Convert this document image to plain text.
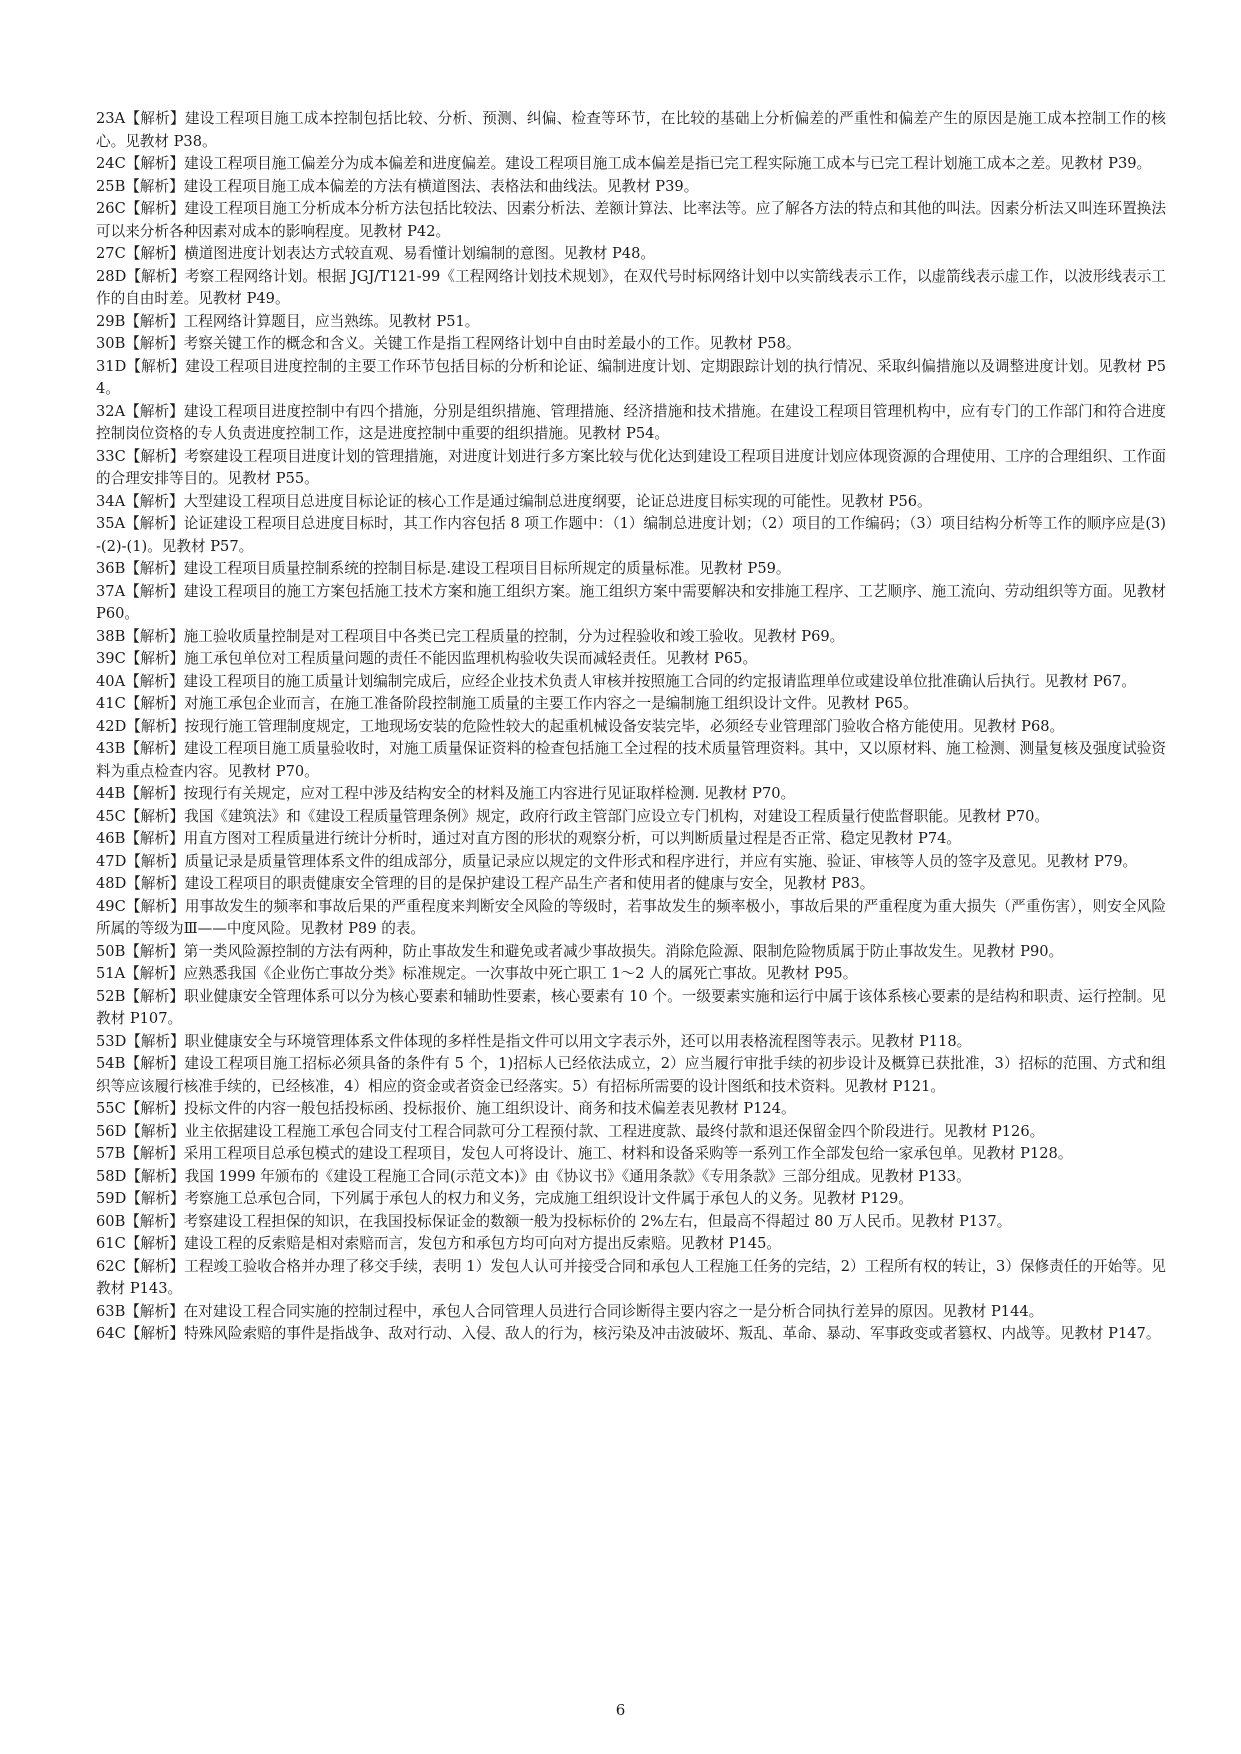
23A【解析】建设工程项目施工成本控制包括比较、分析、预测、纠偏、检查等环节，在比较的基础上分析偏差的严重性和偏差产生的原因是施工成本控制工作的核心。见教材 P38。

24C【解析】建设工程项目施工偏差分为成本偏差和进度偏差。建设工程项目施工成本偏差是指已完工程实际施工成本与已完工程计划施工成本之差。见教材 P39。

25B【解析】建设工程项目施工成本偏差的方法有横道图法、表格法和曲线法。见教材 P39。

26C【解析】建设工程项目施工分析成本分析方法包括比较法、因素分析法、差额计算法、比率法等。应了解各方法的特点和其他的叫法。因素分析法又叫连环置换法可以来分析各种因素对成本的影响程度。见教材 P42。

27C【解析】横道图进度计划表达方式较直观、易看懂计划编制的意图。见教材 P48。

28D【解析】考察工程网络计划。根据 JGJ/T121-99《工程网络计划技术规划》，在双代号时标网络计划中以实箭线表示工作，以虚箭线表示虚工作，以波形线表示工作的自由时差。见教材 P49。

29B【解析】工程网络计算题目，应当熟练。见教材 P51。

30B【解析】考察关键工作的概念和含义。关键工作是指工程网络计划中自由时差最小的工作。见教材 P58。

31D【解析】建设工程项目进度控制的主要工作环节包括目标的分析和论证、编制进度计划、定期跟踪计划的执行情况、采取纠偏措施以及调整进度计划。见教材 P54。

32A【解析】建设工程项目进度控制中有四个措施，分别是组织措施、管理措施、经济措施和技术措施。在建设工程项目管理机构中，应有专门的工作部门和符合进度控制岗位资格的专人负责进度控制工作，这是进度控制中重要的组织措施。见教材 P54。

33C【解析】考察建设工程项目进度计划的管理措施，对进度计划进行多方案比较与优化达到建设工程项目进度计划应体现资源的合理使用、工序的合理组织、工作面的合理安排等目的。见教材 P55。

34A【解析】大型建设工程项目总进度目标论证的核心工作是通过编制总进度纲要，论证总进度目标实现的可能性。见教材 P56。

35A【解析】论证建设工程项目总进度目标时，其工作内容包括 8 项工作题中：（1）编制总进度计划；（2）项目的工作编码；（3）项目结构分析等工作的顺序应是(3)-(2)-(1)。见教材 P57。

36B【解析】建设工程项目质量控制系统的控制目标是.建设工程项目目标所规定的质量标准。见教材 P59。

37A【解析】建设工程项目的施工方案包括施工技术方案和施工组织方案。施工组织方案中需要解决和安排施工程序、工艺顺序、施工流向、劳动组织等方面。见教材 P60。

38B【解析】施工验收质量控制是对工程项目中各类已完工程质量的控制，分为过程验收和竣工验收。见教材 P69。

39C【解析】施工承包单位对工程质量问题的责任不能因监理机构验收失误而减轻责任。见教材 P65。

40A【解析】建设工程项目的施工质量计划编制完成后，应经企业技术负责人审核并按照施工合同的约定报请监理单位或建设单位批准确认后执行。见教材 P67。

41C【解析】对施工承包企业而言，在施工准备阶段控制施工质量的主要工作内容之一是编制施工组织设计文件。见教材 P65。

42D【解析】按现行施工管理制度规定，工地现场安装的危险性较大的起重机械设备安装完毕，必须经专业管理部门验收合格方能使用。见教材 P68。

43B【解析】建设工程项目施工质量验收时，对施工质量保证资料的检查包括施工全过程的技术质量管理资料。其中，又以原材料、施工检测、测量复核及强度试验资料为重点检查内容。见教材 P70。

44B【解析】按现行有关规定，应对工程中涉及结构安全的材料及施工内容进行见证取样检测. 见教材 P70。

45C【解析】我国《建筑法》和《建设工程质量管理条例》规定，政府行政主管部门应设立专门机构，对建设工程质量行使监督职能。见教材 P70。

46B【解析】用直方图对工程质量进行统计分析时，通过对直方图的形状的观察分析，可以判断质量过程是否正常、稳定见教材 P74。

47D【解析】质量记录是质量管理体系文件的组成部分，质量记录应以规定的文件形式和程序进行，并应有实施、验证、审核等人员的签字及意见。见教材 P79。

48D【解析】建设工程项目的职责健康安全管理的目的是保护建设工程产品生产者和使用者的健康与安全，见教材 P83。

49C【解析】用事故发生的频率和事故后果的严重程度来判断安全风险的等级时，若事故发生的频率极小，事故后果的严重程度为重大损失（严重伤害），则安全风险所属的等级为Ⅲ——中度风险。见教材 P89 的表。

50B【解析】第一类风险源控制的方法有两种，防止事故发生和避免或者减少事故损失。消除危险源、限制危险物质属于防止事故发生。见教材 P90。

51A【解析】应熟悉我国《企业伤亡事故分类》标准规定。一次事故中死亡职工 1～2 人的属死亡事故。见教材 P95。

52B【解析】职业健康安全管理体系可以分为核心要素和辅助性要素，核心要素有 10 个。一级要素实施和运行中属于该体系核心要素的是结构和职责、运行控制。见教材 P107。

53D【解析】职业健康安全与环境管理体系文件体现的多样性是指文件可以用文字表示外，还可以用表格流程图等表示。见教材 P118。

54B【解析】建设工程项目施工招标必须具备的条件有 5 个，1)招标人已经依法成立，2）应当履行审批手续的初步设计及概算已获批准，3）招标的范围、方式和组织等应该履行核准手续的，已经核准，4）相应的资金或者资金已经落实。5）有招标所需要的设计图纸和技术资料。见教材 P121。

55C【解析】投标文件的内容一般包括投标函、投标报价、施工组织设计、商务和技术偏差表见教材 P124。

56D【解析】业主依据建设工程施工承包合同支付工程合同款可分工程预付款、工程进度款、最终付款和退还保留金四个阶段进行。见教材 P126。

57B【解析】采用工程项目总承包模式的建设工程项目，发包人可将设计、施工、材料和设备采购等一系列工作全部发包给一家承包单。见教材 P128。

58D【解析】我国 1999 年颁布的《建设工程施工合同(示范文本)》由《协议书》《通用条款》《专用条款》三部分组成。见教材 P133。

59D【解析】考察施工总承包合同，下列属于承包人的权力和义务，完成施工组织设计文件属于承包人的义务。见教材 P129。

60B【解析】考察建设工程担保的知识，在我国投标保证金的数额一般为投标标价的 2%左右，但最高不得超过 80 万人民币。见教材 P137。

61C【解析】建设工程的反索赔是相对索赔而言，发包方和承包方均可向对方提出反索赔。见教材 P145。

62C【解析】工程竣工验收合格并办理了移交手续，表明 1）发包人认可并接受合同和承包人工程施工任务的完结，2）工程所有权的转让，3）保修责任的开始等。见教材 P143。

63B【解析】在对建设工程合同实施的控制过程中，承包人合同管理人员进行合同诊断得主要内容之一是分析合同执行差异的原因。见教材 P144。

64C【解析】特殊风险索赔的事件是指战争、敌对行动、入侵、敌人的行为，核污染及冲击波破坏、叛乱、革命、暴动、军事政变或者篡权、内战等。见教材 P147。

6
